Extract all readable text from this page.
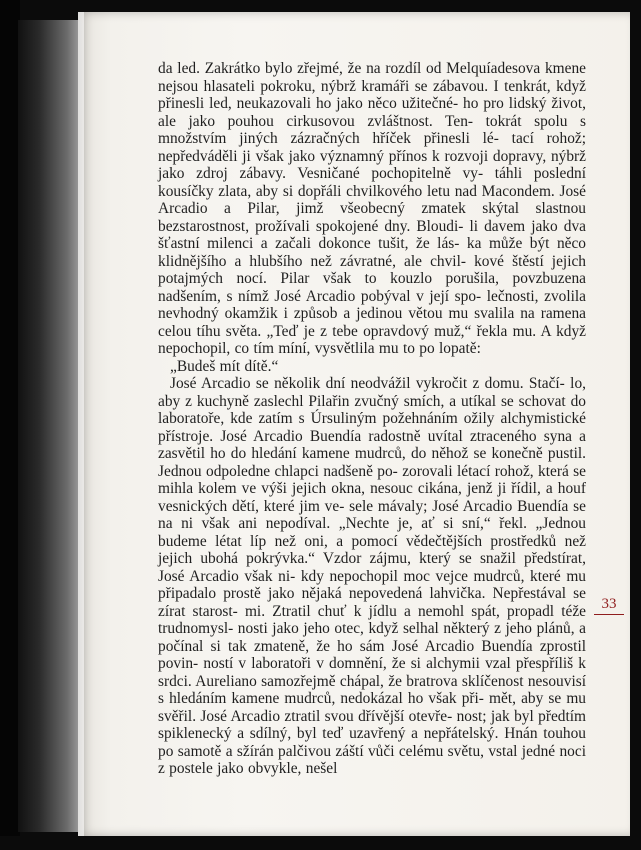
da led. Zakrátko bylo zřejmé, že na rozdíl od Melquíadesova kmene nejsou hlasateli pokroku, nýbrž kramáři se zábavou. I tenkrát, když přinesli led, neukazovali ho jako něco užitečné- ho pro lidský život, ale jako pouhou cirkusovou zvláštnost. Ten- tokrát spolu s množstvím jiných zázračných hříček přinesli lé- tací rohož; nepředváděli ji však jako významný přínos k rozvoji dopravy, nýbrž jako zdroj zábavy. Vesničané pochopitelně vy- táhli poslední kousíčky zlata, aby si dopřáli chvilkového letu nad Macondem. José Arcadio a Pilar, jimž všeobecný zmatek skýtal slastnou bezstarostnost, prožívali spokojené dny. Bloudi- li davem jako dva šťastní milenci a začali dokonce tušit, že lás- ka může být něco klidnějšího a hlubšího než závratné, ale chvil- kové štěstí jejich potajmých nocí. Pilar však to kouzlo porušila, povzbuzena nadšením, s nímž José Arcadio pobýval v její spo- lečnosti, zvolila nevhodný okamžik i způsob a jedinou větou mu svalila na ramena celou tíhu světa. „Teď je z tebe opravdový muž,“ řekla mu. A když nepochopil, co tím míní, vysvětlila mu to po lopatě:

„Budeš mít dítě.“

José Arcadio se několik dní neodvážil vykročit z domu. Stačí- lo, aby z kuchyně zaslechl Pilařin zvučný smích, a utíkal se schovat do laboratoře, kde zatím s Úrsuliným požehnáním ožily alchymistické přístroje. José Arcadio Buendía radostně uvítal ztraceného syna a zasvětil ho do hledání kamene mudrců, do něhož se konečně pustil. Jednou odpoledne chlapci nadšeně po- zorovali létací rohož, která se mihla kolem ve výši jejich okna, nesouc cikána, jenž ji řídil, a houf vesnických dětí, které jim ve- sele mávaly; José Arcadio Buendía se na ni však ani nepodíval. „Nechte je, ať si sní,“ řekl. „Jednou budeme létat líp než oni, a pomocí vědečtějších prostředků než jejich ubohá pokrývka.“ Vzdor zájmu, který se snažil předstírat, José Arcadio však ni- kdy nepochopil moc vejce mudrců, které mu připadalo prostě jako nějaká nepovedená lahvička. Nepřestával se zírat starost- mi. Ztratil chuť k jídlu a nemohl spát, propadl téže trudnomysl- nosti jako jeho otec, když selhal některý z jeho plánů, a počínal si tak zmateně, že ho sám José Arcadio Buendía zprostil povin- ností v laboratoři v domnění, že si alchymii vzal přespříliš k srdci. Aureliano samozřejmě chápal, že bratrova sklíčenost nesouvisí s hledáním kamene mudrců, nedokázal ho však při- mět, aby se mu svěřil. José Arcadio ztratil svou dřívější otevře- nost; jak byl předtím spiklenecký a sdílný, byl teď uzavřený a nepřátelský. Hnán touhou po samotě a sžírán palčivou záští vůči celému světu, vstal jedné noci z postele jako obvykle, nešel

33
